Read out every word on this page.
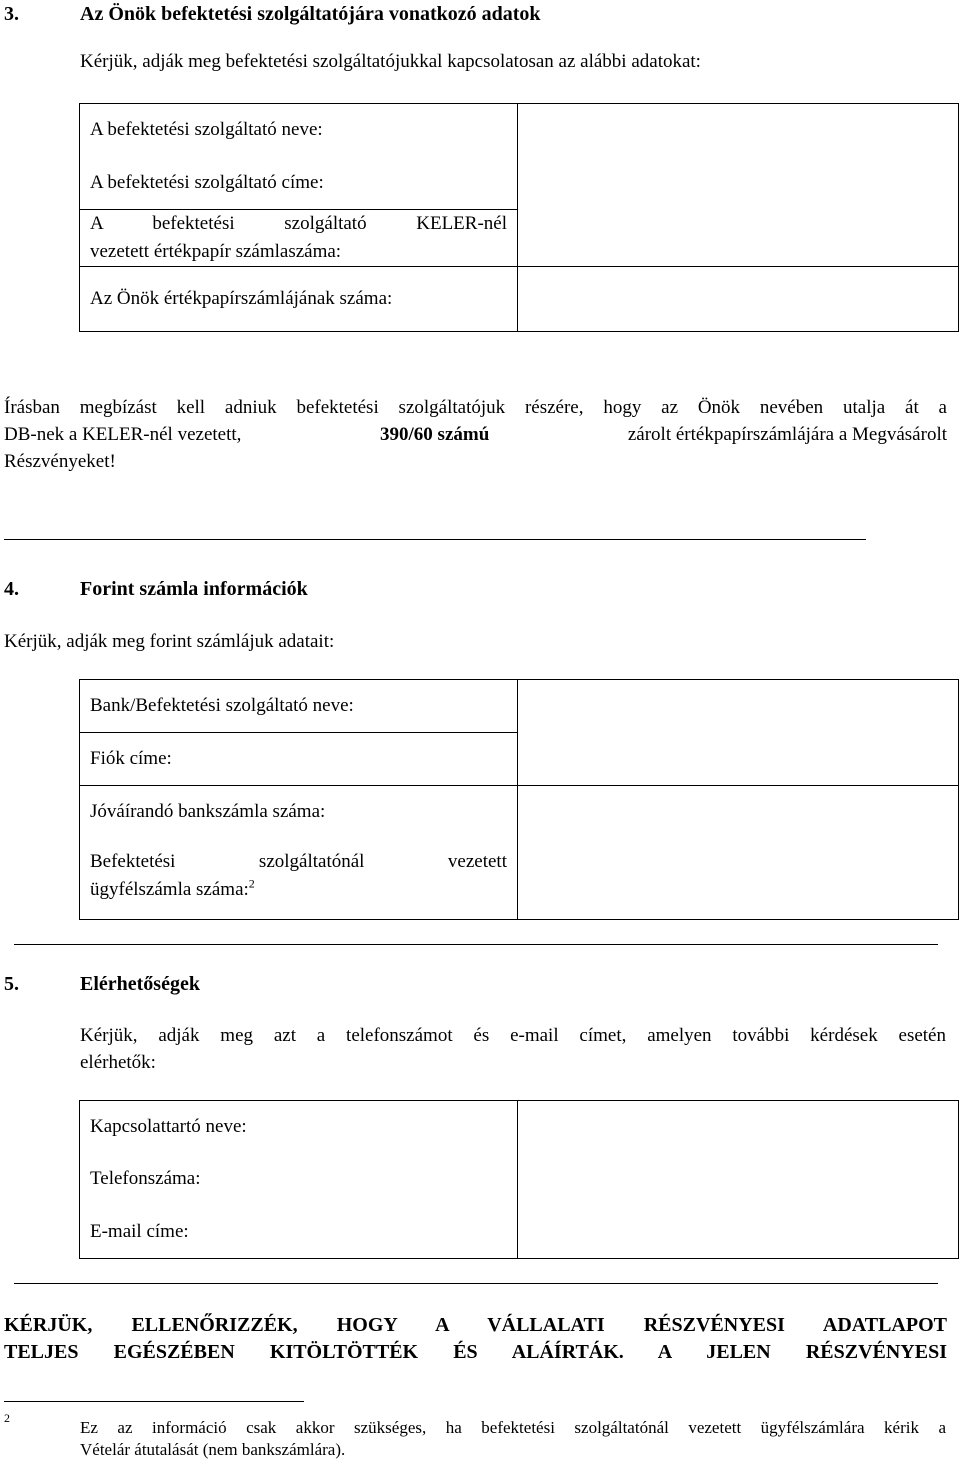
3.	Az Önök befektetési szolgáltatójára vonatkozó adatok
Kérjük, adják meg befektetési szolgáltatójukkal kapcsolatosan az alábbi adatokat:
A befektetési szolgáltató neve:
A befektetési szolgáltató címe:	

A befektetési szolgáltató KELER-nél
vezetett értékpapír számlaszáma:	

Az Önök értékpapírszámlájának száma:	
Írásban megbízást kell adniuk befektetési szolgáltatójuk részére, hogy az Önök nevében utalja át a
DB-nek a KELER-nél vezetett,	390/60 számú	zárolt értékpapírszámlájára a Megvásárolt
Részvényeket!
4.	Forint számla információk
Kérjük, adják meg forint számlájuk adatait:
Bank/Befektetési szolgáltató neve:	
Fiók címe:	

Jóváírandó bankszámla száma:
Befektetési szolgáltatónál vezetett
ügyfélszámla száma:$^2$

5.	Elérhetőségek
Kérjük, adják meg azt a telefonszámot és e-mail címet, amelyen további kérdések esetén
elérhetők:
Kapcsolattartó neve:	
Telefonszáma:
E-mail címe:
KÉRJÜK, ELLENŐRIZZÉK, HOGY A VÁLLALATI RÉSZVÉNYESI ADATLAPOT
TELJES EGÉSZÉBEN KITÖLTÖTTÉK ÉS ALÁÍRTÁK. A JELEN RÉSZVÉNYESI
2	Ez az információ csak akkor szükséges, ha befektetési szolgáltatónál vezetett ügyfélszámlára kérik a
Vételár átutalását (nem bankszámlára).
